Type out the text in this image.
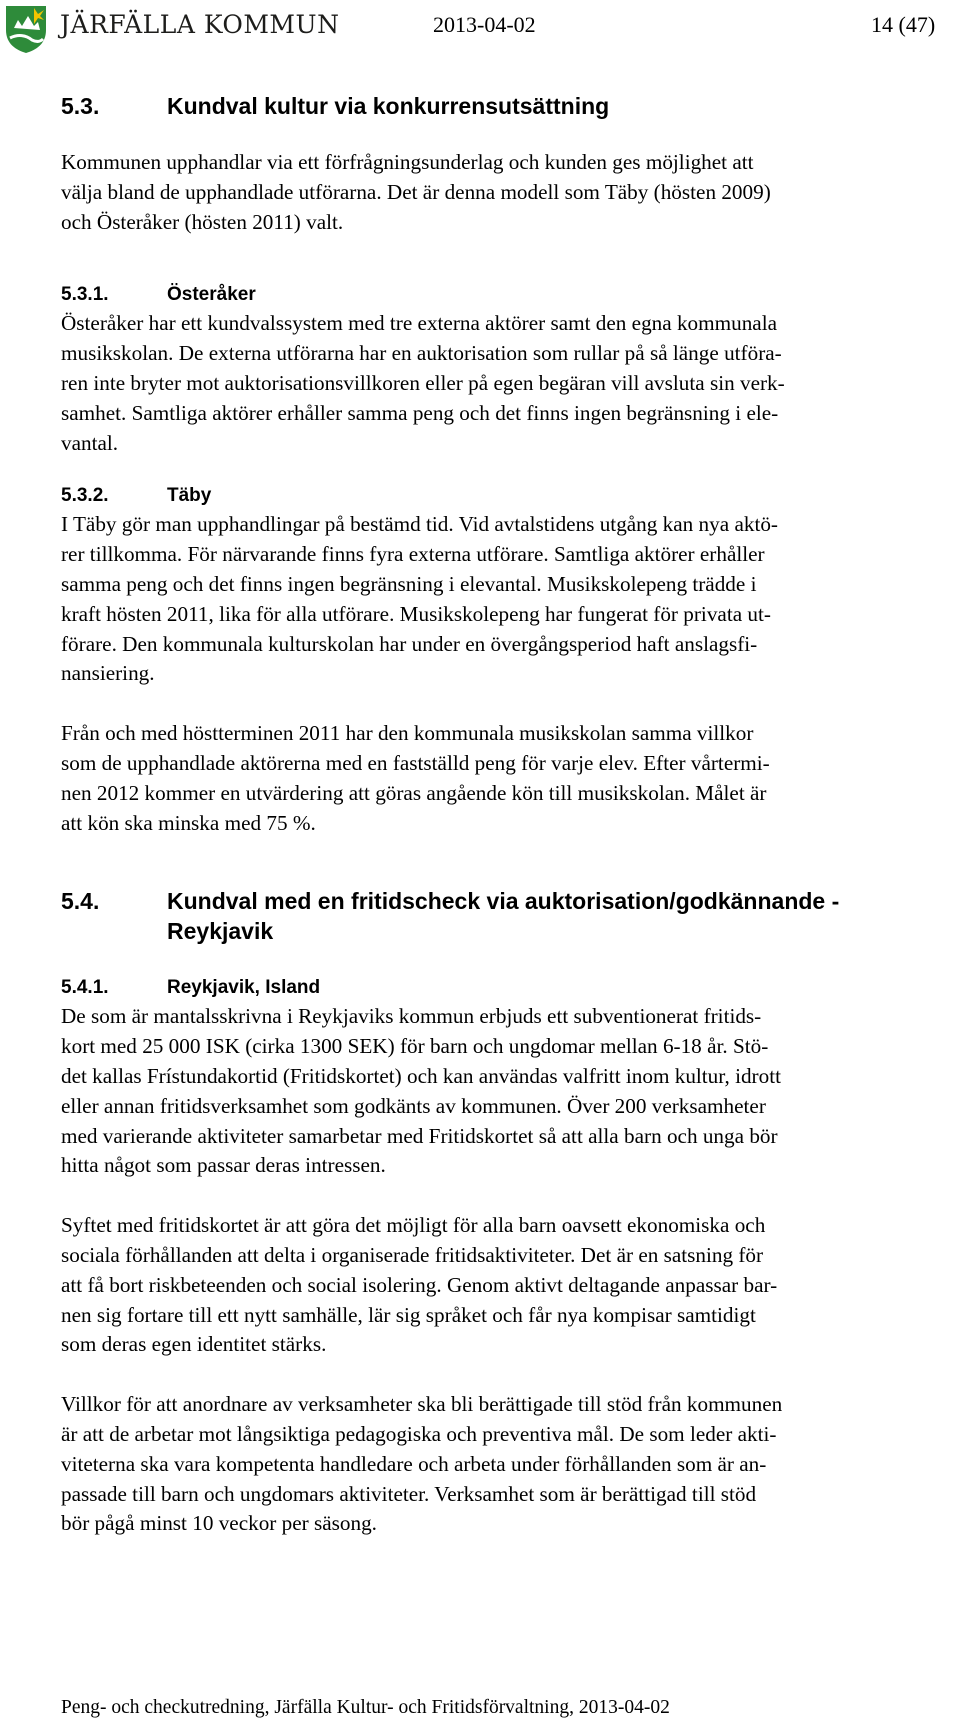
JÄRFÄLLA KOMMUN	2013-04-02	14 (47)
5.3.	Kundval kultur via konkurrensutsättning

Kommunen upphandlar via ett förfrågningsunderlag och kunden ges möjlighet att

välja bland de upphandlade utförarna. Det är denna modell som Täby (hösten 2009)

och Österåker (hösten 2011) valt.

5.3.1.	Österåker

Österåker har ett kundvalssystem med tre externa aktörer samt den egna kommunala

musikskolan. De externa utförarna har en auktorisation som rullar på så länge utföra-

ren inte bryter mot auktorisationsvillkoren eller på egen begäran vill avsluta sin verk-

samhet. Samtliga aktörer erhåller samma peng och det finns ingen begränsning i ele-

vantal.

5.3.2.	Täby

I Täby gör man upphandlingar på bestämd tid. Vid avtalstidens utgång kan nya aktö-

rer tillkomma. För närvarande finns fyra externa utförare. Samtliga aktörer erhåller

samma peng och det finns ingen begränsning i elevantal. Musikskolepeng trädde i

kraft hösten 2011, lika för alla utförare. Musikskolepeng har fungerat för privata ut-

förare. Den kommunala kulturskolan har under en övergångsperiod haft anslagsfi-

nansiering.

Från och med höstterminen 2011 har den kommunala musikskolan samma villkor

som de upphandlade aktörerna med en fastställd peng för varje elev. Efter vårtermi-

nen 2012 kommer en utvärdering att göras angående kön till musikskolan. Målet är

att kön ska minska med 75 %.

5.4.	Kundval med en fritidscheck via auktorisation/godkännande -
Reykjavik
5.4.1.	Reykjavik, Island

De som är mantalsskrivna i Reykjaviks kommun erbjuds ett subventionerat fritids-

kort med 25 000 ISK (cirka 1300 SEK) för barn och ungdomar mellan 6-18 år. Stö-

det kallas Frístundakortid (Fritidskortet) och kan användas valfritt inom kultur, idrott

eller annan fritidsverksamhet som godkänts av kommunen. Över 200 verksamheter

med varierande aktiviteter samarbetar med Fritidskortet så att alla barn och unga bör

hitta något som passar deras intressen.

Syftet med fritidskortet är att göra det möjligt för alla barn oavsett ekonomiska och

sociala förhållanden att delta i organiserade fritidsaktiviteter. Det är en satsning för

att få bort riskbeteenden och social isolering. Genom aktivt deltagande anpassar bar-

nen sig fortare till ett nytt samhälle, lär sig språket och får nya kompisar samtidigt

som deras egen identitet stärks.

Villkor för att anordnare av verksamheter ska bli berättigade till stöd från kommunen

är att de arbetar mot långsiktiga pedagogiska och preventiva mål. De som leder akti-

viteterna ska vara kompetenta handledare och arbeta under förhållanden som är an-

passade till barn och ungdomars aktiviteter. Verksamhet som är berättigad till stöd

bör pågå minst 10 veckor per säsong.

Peng- och checkutredning, Järfälla Kultur- och Fritidsförvaltning, 2013-04-02
